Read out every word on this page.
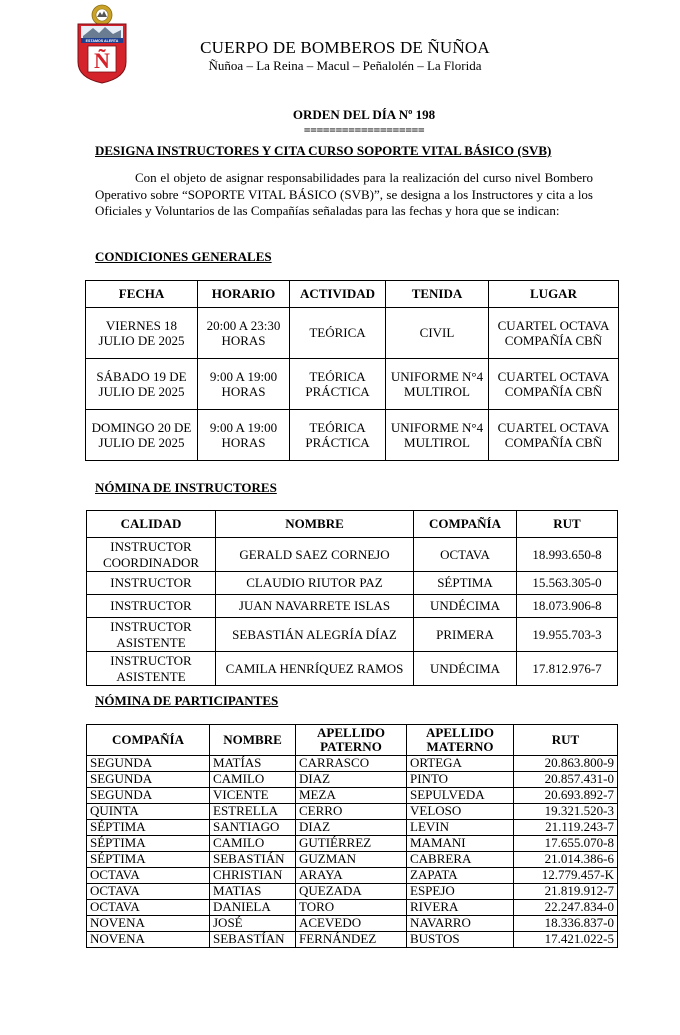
ESTAMOS ALERTA
Ñ
CUERPO DE BOMBEROS DE ÑUÑOA
Ñuñoa – La Reina – Macul – Peñalolén – La Florida
ORDEN DEL DÍA Nº 198
===================
DESIGNA INSTRUCTORES Y CITA CURSO SOPORTE VITAL BÁSICO (SVB)
Con el objeto de asignar responsabilidades para la realización del curso nivel Bombero Operativo sobre “SOPORTE VITAL BÁSICO (SVB)”, se designa a los Instructores y cita a los Oficiales y Voluntarios de las Compañías señaladas para las fechas y hora que se indican:
CONDICIONES GENERALES
FECHA	HORARIO	ACTIVIDAD	TENIDA	LUGAR
VIERNES 18 JULIO DE 2025	20:00 A 23:30 HORAS	TEÓRICA	CIVIL	CUARTEL OCTAVA COMPAÑÍA CBÑ
SÁBADO 19 DE JULIO DE 2025	9:00 A 19:00 HORAS	TEÓRICA PRÁCTICA	UNIFORME N°4 MULTIROL	CUARTEL OCTAVA COMPAÑÍA CBÑ
DOMINGO 20 DE JULIO DE 2025	9:00 A 19:00 HORAS	TEÓRICA PRÁCTICA	UNIFORME N°4 MULTIROL	CUARTEL OCTAVA COMPAÑÍA CBÑ
NÓMINA DE INSTRUCTORES
CALIDAD	NOMBRE	COMPAÑÍA	RUT
INSTRUCTOR COORDINADOR	GERALD SAEZ CORNEJO	OCTAVA	18.993.650-8
INSTRUCTOR	CLAUDIO RIUTOR PAZ	SÉPTIMA	15.563.305-0
INSTRUCTOR	JUAN NAVARRETE ISLAS	UNDÉCIMA	18.073.906-8
INSTRUCTOR ASISTENTE	SEBASTIÁN ALEGRÍA DÍAZ	PRIMERA	19.955.703-3
INSTRUCTOR ASISTENTE	CAMILA HENRÍQUEZ RAMOS	UNDÉCIMA	17.812.976-7
NÓMINA DE PARTICIPANTES
COMPAÑÍA	NOMBRE	APELLIDO PATERNO	APELLIDO MATERNO	RUT
SEGUNDA	MATÍAS	CARRASCO	ORTEGA	20.863.800-9
SEGUNDA	CAMILO	DIAZ	PINTO	20.857.431-0
SEGUNDA	VICENTE	MEZA	SEPULVEDA	20.693.892-7
QUINTA	ESTRELLA	CERRO	VELOSO	19.321.520-3
SÉPTIMA	SANTIAGO	DIAZ	LEVIN	21.119.243-7
SÉPTIMA	CAMILO	GUTIÉRREZ	MAMANI	17.655.070-8
SÉPTIMA	SEBASTIÁN	GUZMAN	CABRERA	21.014.386-6
OCTAVA	CHRISTIAN	ARAYA	ZAPATA	12.779.457-K
OCTAVA	MATIAS	QUEZADA	ESPEJO	21.819.912-7
OCTAVA	DANIELA	TORO	RIVERA	22.247.834-0
NOVENA	JOSÉ	ACEVEDO	NAVARRO	18.336.837-0
NOVENA	SEBASTÍAN	FERNÁNDEZ	BUSTOS	17.421.022-5
